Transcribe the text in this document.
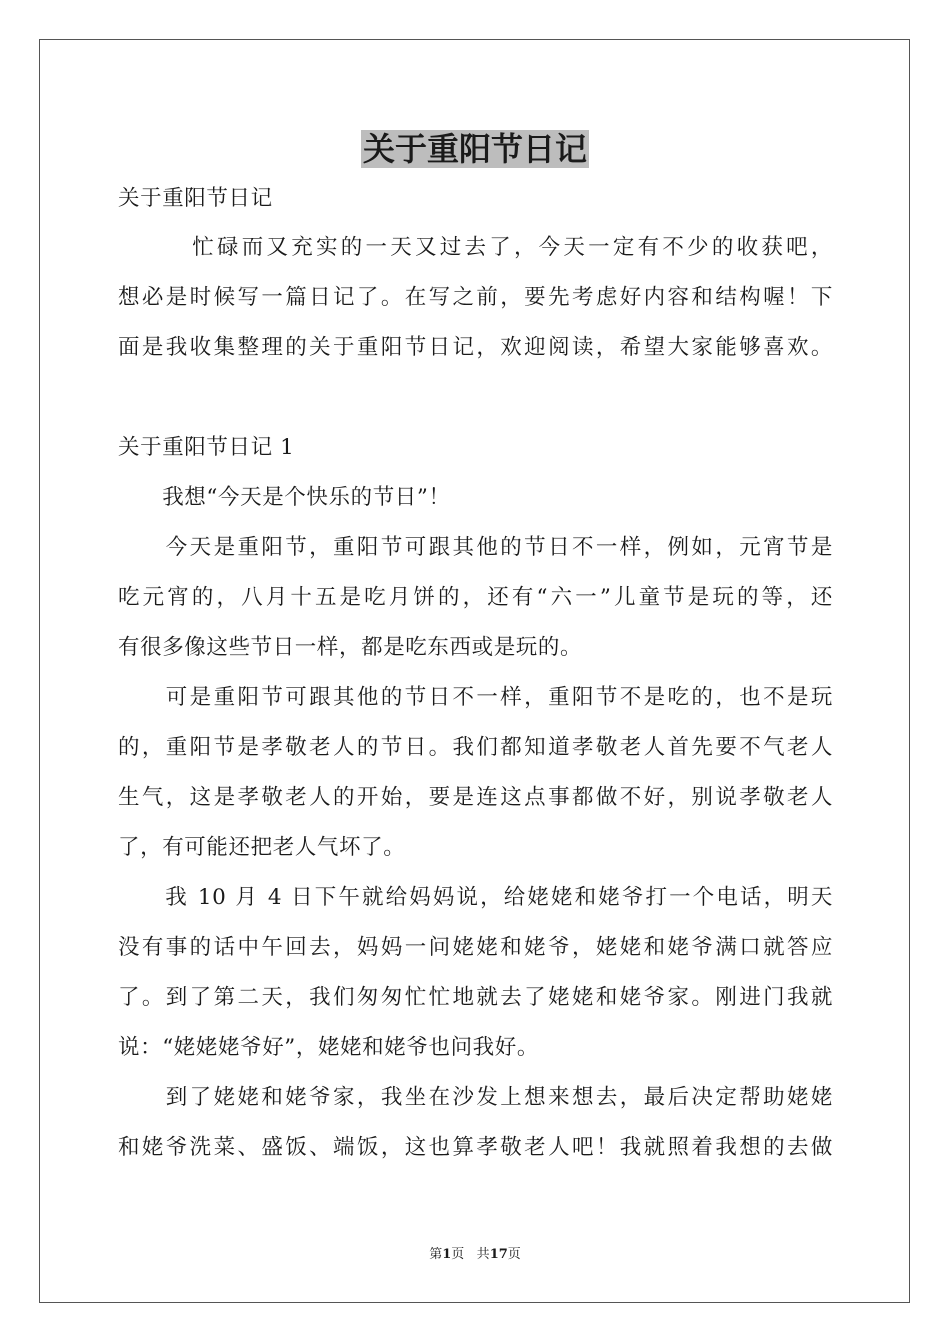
关于重阳节日记
关于重阳节日记
　　　忙碌而又充实的一天又过去了，今天一定有不少的收获吧，
想必是时候写一篇日记了。在写之前，要先考虑好内容和结构喔！下
面是我收集整理的关于重阳节日记，欢迎阅读，希望大家能够喜欢。
关于重阳节日记 1
　　我想“今天是个快乐的节日”！
　　今天是重阳节，重阳节可跟其他的节日不一样，例如，元宵节是
吃元宵的，八月十五是吃月饼的，还有“六一”儿童节是玩的等，还
有很多像这些节日一样，都是吃东西或是玩的。
　　可是重阳节可跟其他的节日不一样，重阳节不是吃的，也不是玩
的，重阳节是孝敬老人的节日。我们都知道孝敬老人首先要不气老人
生气，这是孝敬老人的开始，要是连这点事都做不好，别说孝敬老人
了，有可能还把老人气坏了。
　　我 10 月 4 日下午就给妈妈说，给姥姥和姥爷打一个电话，明天
没有事的话中午回去，妈妈一问姥姥和姥爷，姥姥和姥爷满口就答应
了。到了第二天，我们匆匆忙忙地就去了姥姥和姥爷家。刚进门我就
说：“姥姥姥爷好”，姥姥和姥爷也问我好。
　　到了姥姥和姥爷家，我坐在沙发上想来想去，最后决定帮助姥姥
和姥爷洗菜、盛饭、端饭，这也算孝敬老人吧！我就照着我想的去做
第1页 共17页
